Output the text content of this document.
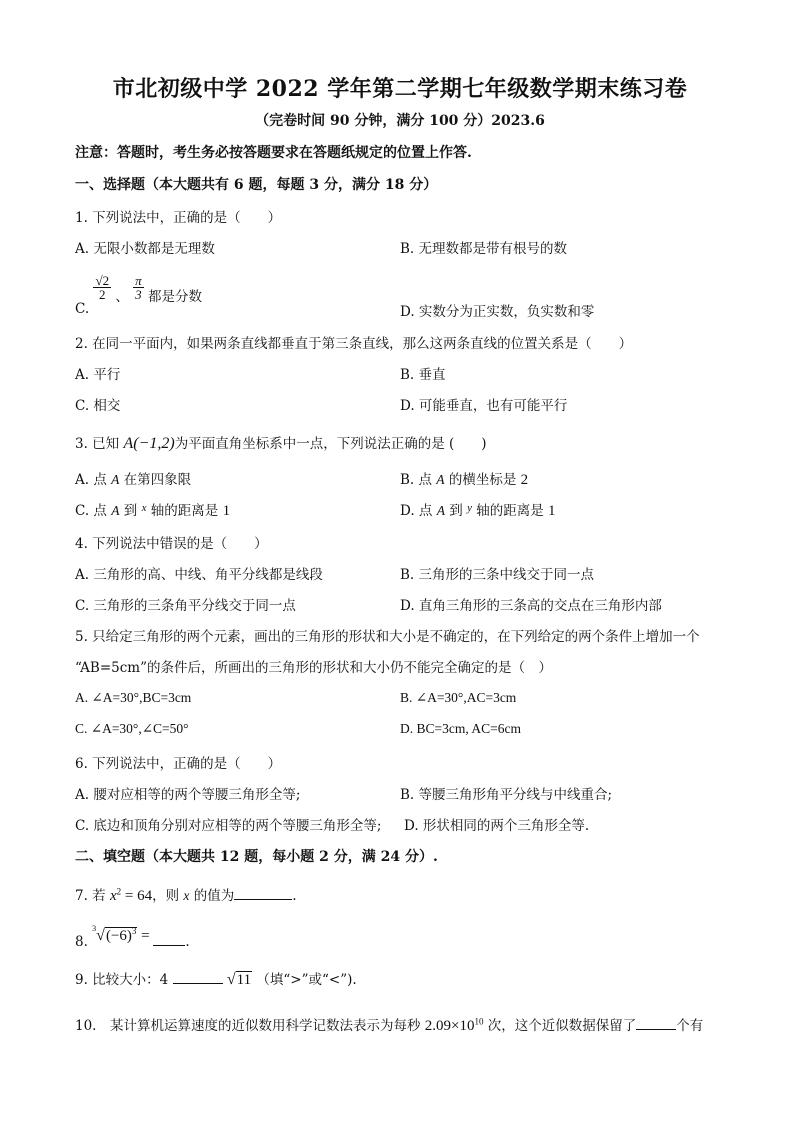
市北初级中学 2022 学年第二学期七年级数学期末练习卷
（完卷时间 90 分钟，满分 100 分）2023.6
注意：答题时，考生务必按答题要求在答题纸规定的位置上作答.
一、选择题（本大题共有 6 题，每题 3 分，满分 18 分）
1. 下列说法中，正确的是（　　）
A. 无限小数都是无理数	B. 无理数都是带有根号的数
C.
$\frac{√2}{2}$ 、 $\frac{\pi}{3}$ 都是分数
D. 实数分为正实数，负实数和零
2. 在同一平面内，如果两条直线都垂直于第三条直线，那么这两条直线的位置关系是（　　）
A. 平行	B. 垂直
C. 相交	D. 可能垂直，也有可能平行
3. 已知 A(−1,2)为平面直角坐标系中一点，下列说法正确的是 (　　)
A. 点 A 在第四象限	B. 点 A 的横坐标是 2
C. 点 A 到 $^x$ 轴的距离是 1	D. 点 A 到 $^y$ 轴的距离是 1
4. 下列说法中错误的是（　　）
A. 三角形的高、中线、角平分线都是线段	B. 三角形的三条中线交于同一点
C. 三角形的三条角平分线交于同一点	D. 直角三角形的三条高的交点在三角形内部
5. 只给定三角形的两个元素，画出的三角形的形状和大小是不确定的，在下列给定的两个条件上增加一个
“AB=5cm”的条件后，所画出的三角形的形状和大小仍不能完全确定的是（　）
A. ∠A=30°,BC=3cm	B. ∠A=30°,AC=3cm
C. ∠A=30°,∠C=50°	D. BC=3cm, AC=6cm
6. 下列说法中，正确的是（　　）
A. 腰对应相等的两个等腰三角形全等;	B. 等腰三角形角平分线与中线重合;
C. 底边和顶角分别对应相等的两个等腰三角形全等; D. 形状相同的两个三角形全等.
二、填空题（本大题共 12 题，每小题 2 分，满 24 分）.
7. 若 $x^2 = 64$，则 x 的值为	.
8. $^3√(-6)^3$ = .
9. 比较大小：4	√11 （填“>”或“<”).
10.　某计算机运算速度的近似数用科学记数法表示为每秒 $2.09\times 10^{10}$ 次，这个近似数据保留了	个有
